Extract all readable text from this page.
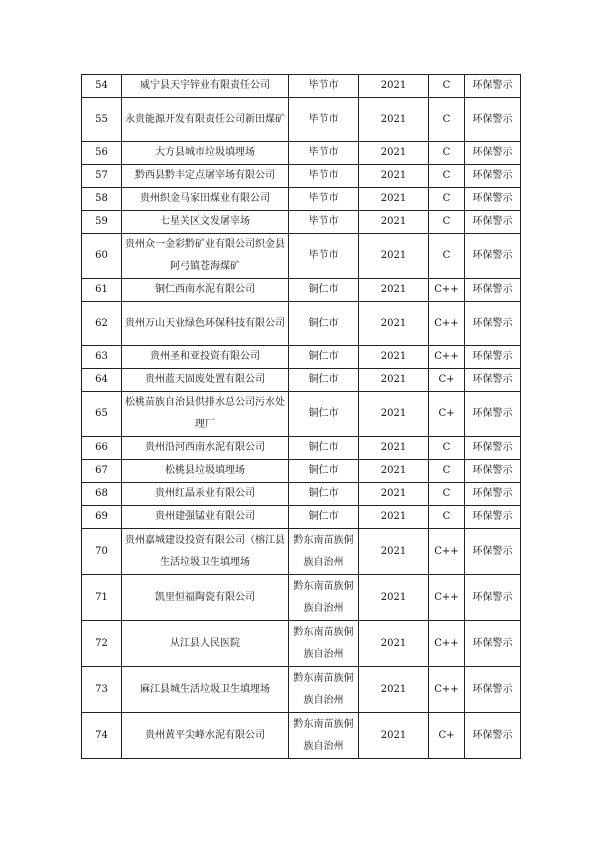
54	威宁县天宇锌业有限责任公司	毕节市	2021	C	环保警示
55	永贵能源开发有限责任公司新田煤矿	毕节市	2021	C	环保警示
56	大方县城市垃圾填埋场	毕节市	2021	C	环保警示
57	黔西县黔丰定点屠宰场有限公司	毕节市	2021	C	环保警示
58	贵州织金马家田煤业有限公司	毕节市	2021	C	环保警示
59	七星关区文发屠宰场	毕节市	2021	C	环保警示
60	贵州众一金彩黔矿业有限公司织金县阿弓镇苍海煤矿	毕节市	2021	C	环保警示
61	铜仁西南水泥有限公司	铜仁市	2021	C++	环保警示
62	贵州万山天业绿色环保科技有限公司	铜仁市	2021	C++	环保警示
63	贵州圣和亚投资有限公司	铜仁市	2021	C++	环保警示
64	贵州蓝天固废处置有限公司	铜仁市	2021	C+	环保警示
65	松桃苗族自治县供排水总公司污水处理厂	铜仁市	2021	C+	环保警示
66	贵州沿河西南水泥有限公司	铜仁市	2021	C	环保警示
67	松桃县垃圾填埋场	铜仁市	2021	C	环保警示
68	贵州红晶汞业有限公司	铜仁市	2021	C	环保警示
69	贵州建强锰业有限公司	铜仁市	2021	C	环保警示
70	贵州嘉城建设投资有限公司（榕江县生活垃圾卫生填埋场	黔东南苗族侗族自治州	2021	C++	环保警示
71	凯里恒福陶瓷有限公司	黔东南苗族侗族自治州	2021	C++	环保警示
72	从江县人民医院	黔东南苗族侗族自治州	2021	C++	环保警示
73	麻江县城生活垃圾卫生填埋场	黔东南苗族侗族自治州	2021	C++	环保警示
74	贵州黄平尖峰水泥有限公司	黔东南苗族侗族自治州	2021	C+	环保警示
